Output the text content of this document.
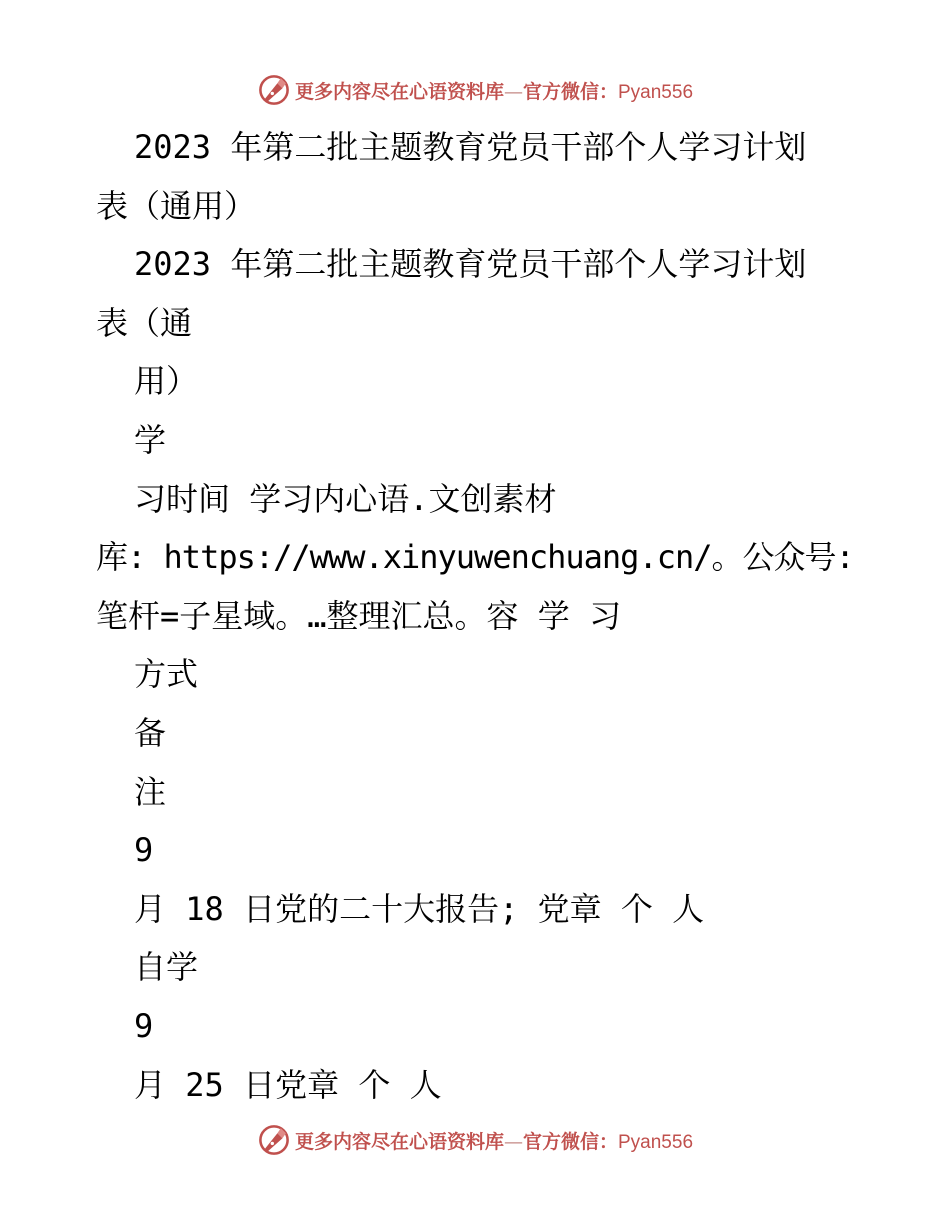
更多内容尽在心语资料库—官方微信：Pyan556
2023 年第二批主题教育党员干部个人学习计划
表（通用）
2023 年第二批主题教育党员干部个人学习计划
表（通
用）
学
习时间 学习内心语.文创素材
库: https://www.xinyuwenchuang.cn/。公众号:
笔杆=子星域。…整理汇总。容 学 习
方式
备
注
9
月 18 日党的二十大报告; 党章 个 人
自学
9
月 25 日党章 个 人
更多内容尽在心语资料库—官方微信：Pyan556
